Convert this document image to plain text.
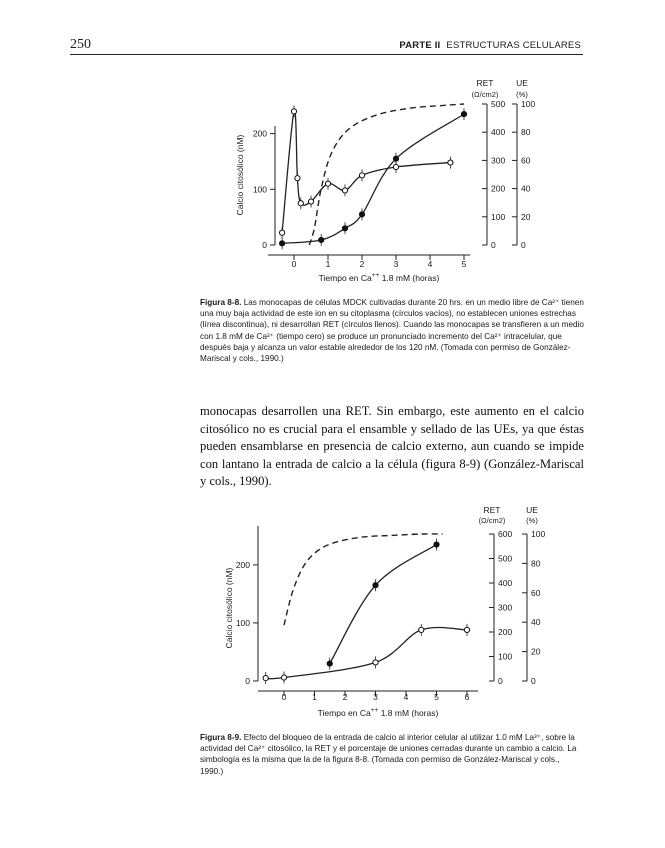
250	PARTE II ESTRUCTURAS CELULARES
0
100
200
Calcio citosólico (nM)
0	1	2	3	4	5
Tiempo en Ca++ 1.8 mM (horas)
0
100
200
300
400
500
RET
(Ω/cm2)
0
20
40
60
80
100
UE
(%)
Figura 8-8. Las monocapas de células MDCK cultivadas durante 20 hrs. en un medio libre de Ca²⁺ tienen una muy baja actividad de este ion en su citoplasma (círculos vacíos), no establecen uniones estrechas (línea discontinua), ni desarrollan RET (círculos llenos). Cuando las monocapas se transfieren a un medio con 1.8 mM de Ca²⁺ (tiempo cero) se produce un pronunciado incremento del Ca²⁺ intracelular, que después baja y alcanza un valor estable alrededor de los 120 nM. (Tomada con permiso de González-Mariscal y cols., 1990.)
monocapas desarrollen una RET. Sin embargo, este aumento en el calcio citosólico no es crucial para el ensamble y sellado de las UEs, ya que éstas pueden ensamblarse en presencia de calcio externo, aun cuando se impide con lantano la entrada de calcio a la célula (figura 8-9) (González-Mariscal y cols., 1990).
0
100
200
Calcio citosólico (nM)
0	1	2	3	4	5	6
Tiempo en Ca++ 1.8 mM (horas)
0
100
200
300
400
500
600
RET
(Ω/cm2)
0
20
40
60
80
100
UE
(%)
Figura 8-9. Efecto del bloqueo de la entrada de calcio al interior celular al utilizar 1.0 mM La³⁺, sobre la actividad del Ca²⁺ citosólico, la RET y el porcentaje de uniones cerradas durante un cambio a calcio. La simbología es la misma que la de la figura 8-8. (Tomada con permiso de González-Mariscal y cols., 1990.)
